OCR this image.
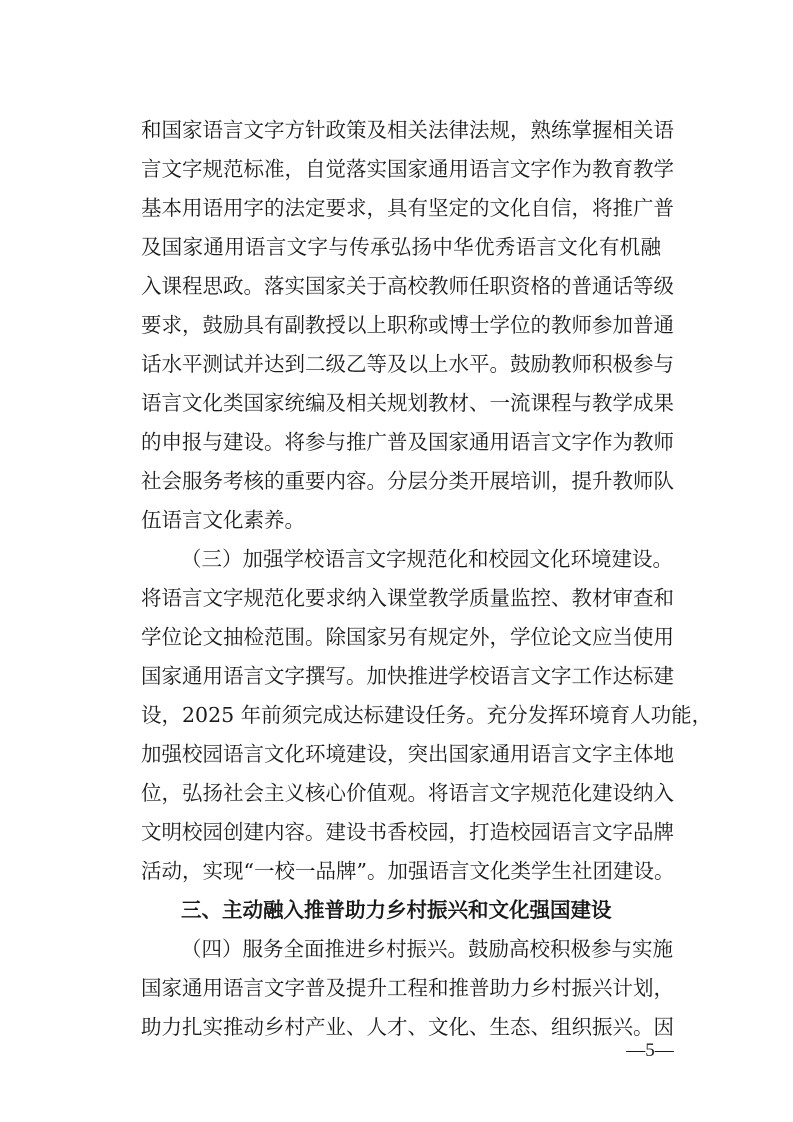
和国家语言文字方针政策及相关法律法规，熟练掌握相关语
言文字规范标准，自觉落实国家通用语言文字作为教育教学
基本用语用字的法定要求，具有坚定的文化自信，将推广普
及国家通用语言文字与传承弘扬中华优秀语言文化有机融
入课程思政。落实国家关于高校教师任职资格的普通话等级
要求，鼓励具有副教授以上职称或博士学位的教师参加普通
话水平测试并达到二级乙等及以上水平。鼓励教师积极参与
语言文化类国家统编及相关规划教材、一流课程与教学成果
的申报与建设。将参与推广普及国家通用语言文字作为教师
社会服务考核的重要内容。分层分类开展培训，提升教师队
伍语言文化素养。
（三）加强学校语言文字规范化和校园文化环境建设。
将语言文字规范化要求纳入课堂教学质量监控、教材审查和
学位论文抽检范围。除国家另有规定外，学位论文应当使用
国家通用语言文字撰写。加快推进学校语言文字工作达标建
设，2025 年前须完成达标建设任务。充分发挥环境育人功能，
加强校园语言文化环境建设，突出国家通用语言文字主体地
位，弘扬社会主义核心价值观。将语言文字规范化建设纳入
文明校园创建内容。建设书香校园，打造校园语言文字品牌
活动，实现“一校一品牌”。加强语言文化类学生社团建设。
三、主动融入推普助力乡村振兴和文化强国建设
（四）服务全面推进乡村振兴。鼓励高校积极参与实施
国家通用语言文字普及提升工程和推普助力乡村振兴计划，
助力扎实推动乡村产业、人才、文化、生态、组织振兴。因
—5—
